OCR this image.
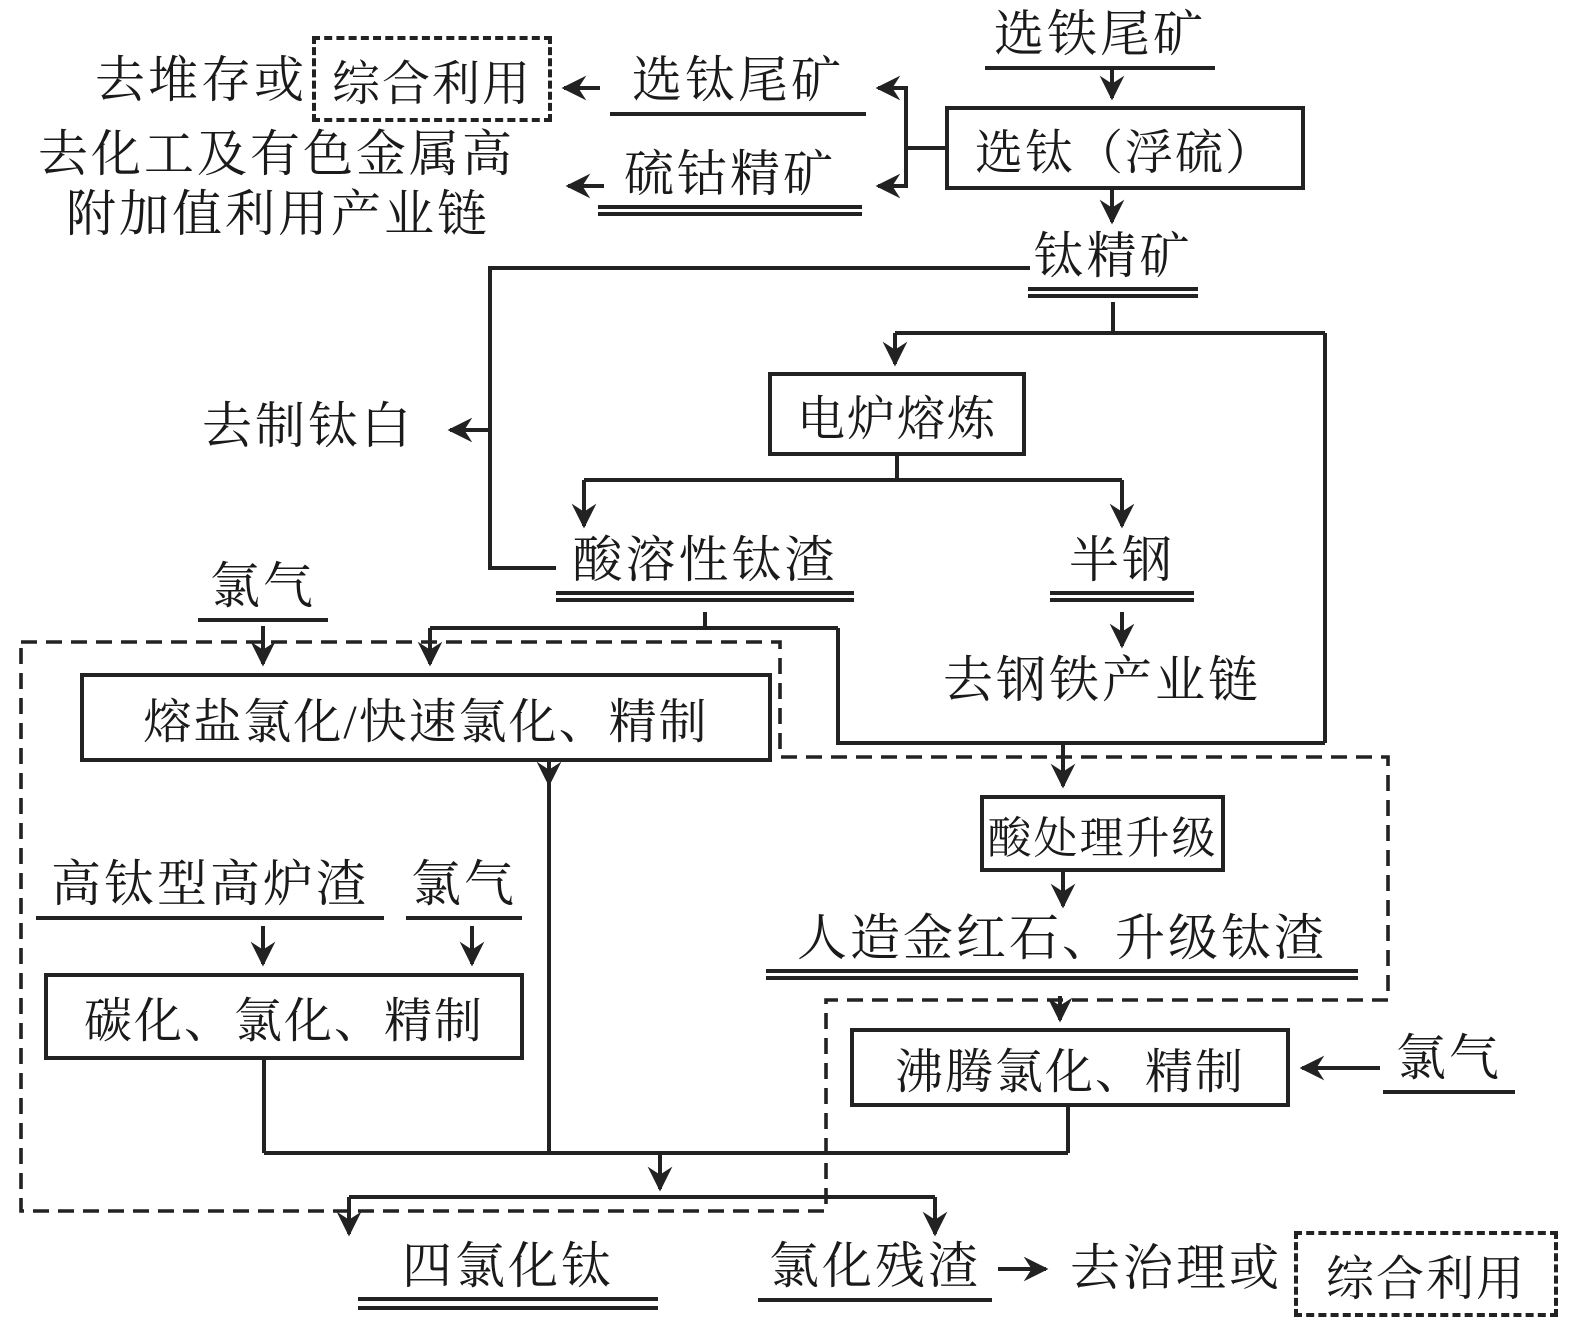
选铁尾矿
去堆存或 综合利用	选钛尾矿
硫钴精矿
去化工及有色金属高
附加值利用产业链
选钛（浮硫）
钛精矿
去制钛白	电炉熔炼
酸溶性钛渣	半钢
去钢铁产业链
氯气
熔盐氯化/快速氯化、精制
酸处理升级
高钛型高炉渣 氯气
碳化、氯化、精制
人造金红石、升级钛渣
沸腾氯化、精制	氯气
四氯化钛	氯化残渣 去治理或 综合利用
